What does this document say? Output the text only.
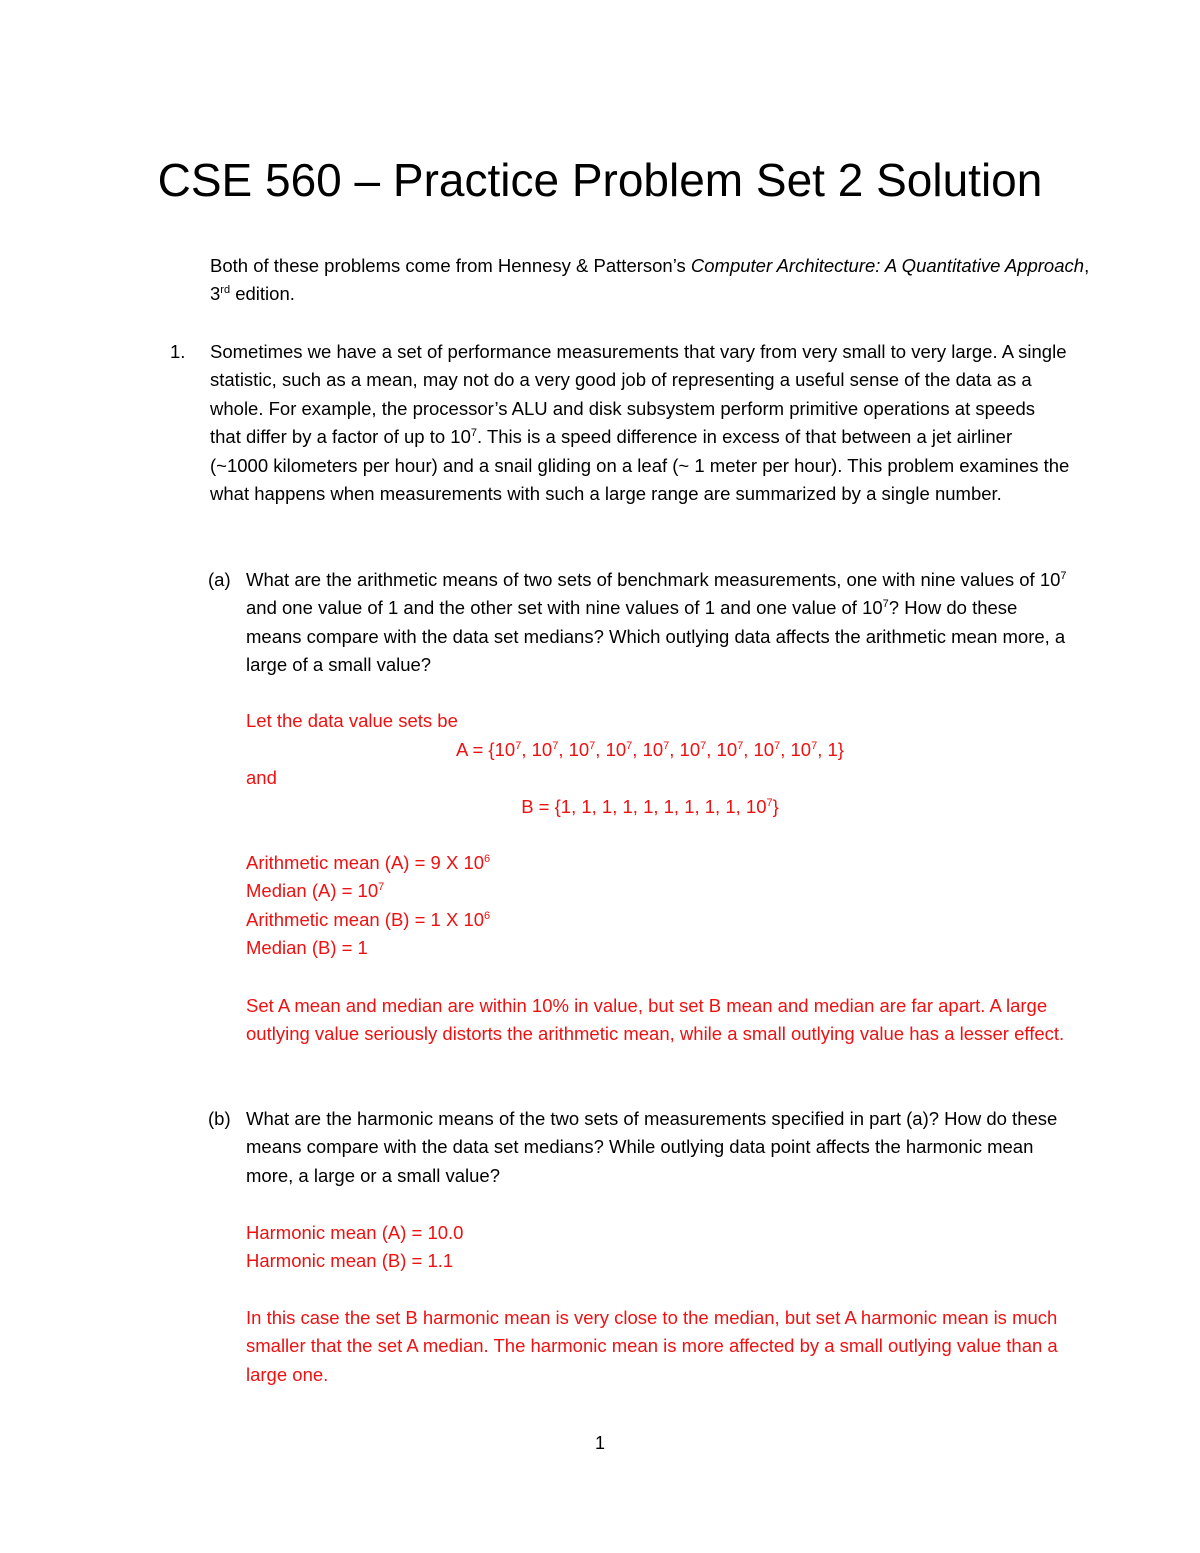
CSE 560 – Practice Problem Set 2 Solution

Both of these problems come from Hennesy & Patterson’s Computer Architecture: A Quantitative Approach, 3rd edition.

1. Sometimes we have a set of performance measurements that vary from very small to very large. A single statistic, such as a mean, may not do a very good job of representing a useful sense of the data as a whole. For example, the processor’s ALU and disk subsystem perform primitive operations at speeds that differ by a factor of up to $10^7$. This is a speed difference in excess of that between a jet airliner (~1000 kilometers per hour) and a snail gliding on a leaf (~ 1 meter per hour). This problem examines the what happens when measurements with such a large range are summarized by a single number.

(a) What are the arithmetic means of two sets of benchmark measurements, one with nine values of $10^7$ and one value of 1 and the other set with nine values of 1 and one value of $10^7$? How do these means compare with the data set medians? Which outlying data affects the arithmetic mean more, a large of a small value?

Let the data value sets be

$A = \{10^7$, $10^7$, $10^7$, $10^7$, $10^7$, $10^7$, $10^7$, $10^7$, $10^7$, 1}

and

B = {1, 1, 1, 1, 1, 1, 1, 1, 1, $10^7$}

Arithmetic mean (A) = 9 X $10^6$

Median $(A) = 10^7$

Arithmetic mean (B) = 1 X $10^6$

Median (B) = 1

Set A mean and median are within 10% in value, but set B mean and median are far apart. A large outlying value seriously distorts the arithmetic mean, while a small outlying value has a lesser effect.

(b) What are the harmonic means of the two sets of measurements specified in part (a)? How do these means compare with the data set medians? While outlying data point affects the harmonic mean more, a large or a small value?

Harmonic mean (A) = 10.0

Harmonic mean (B) = 1.1

In this case the set B harmonic mean is very close to the median, but set A harmonic mean is much smaller that the set A median. The harmonic mean is more affected by a small outlying value than a large one.

1
